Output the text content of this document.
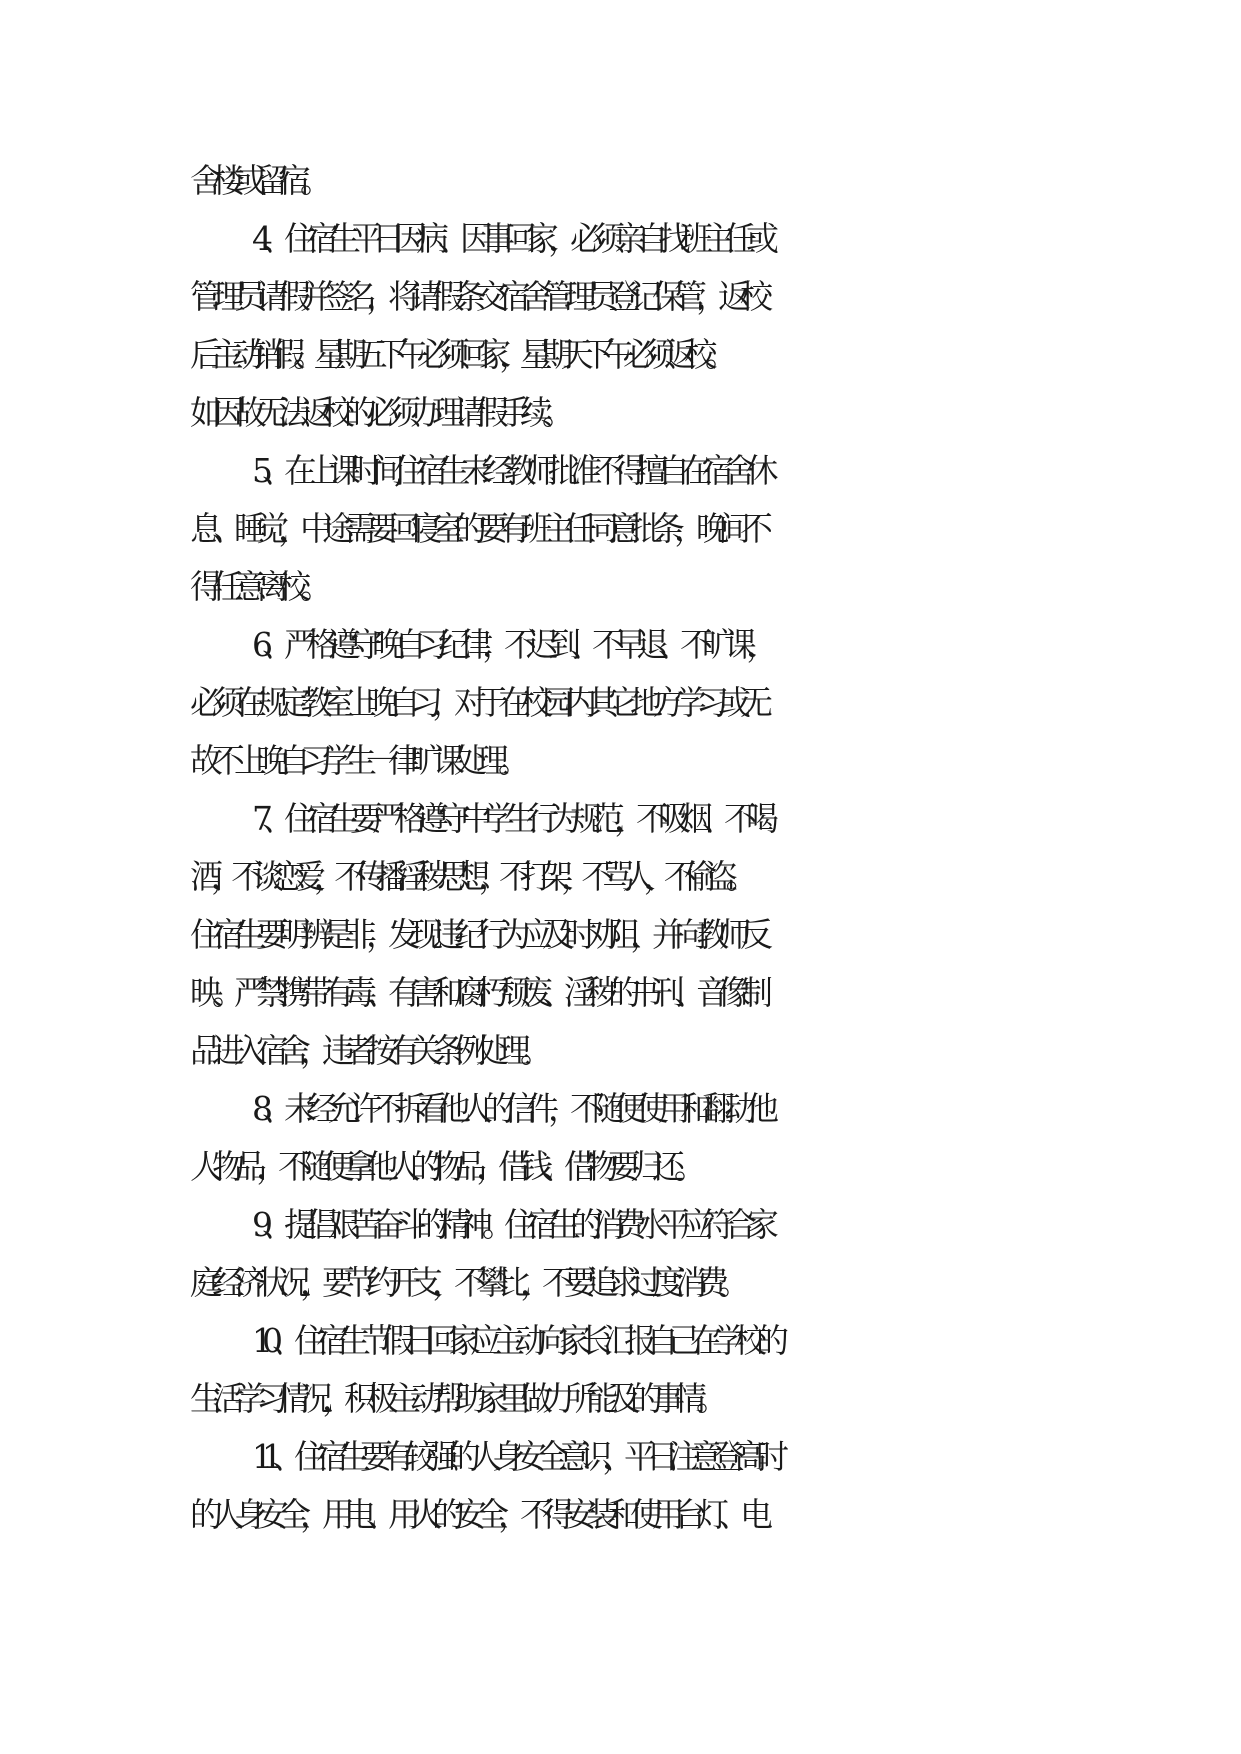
舍楼或留宿。
4、住宿生平日因病、因事回家，必须亲自找班主任或
管理员请假并签名，将请假条交宿舍管理员登记保管，返校
后主动销假。星期五下午必须回家，星期天下午必须返校。
如因故无法返校的必须办理请假手续。
5、在上课时间,住宿生未经教师批准不得擅自在宿舍休
息、睡觉，中途需要回寝室的要有班主任同意批条，晚间不
得任意离校。
6、严格遵守晚自习纪律，不迟到、不早退、不旷课，
必须在规定教室上晚自习，对于在校园内其它地方学习或无
故不上晚自习学生一律旷课处理。
7、住宿生要严格遵守中学生行为规范，不吸烟、不喝
酒，不谈恋爱，不传播淫秽思想，不打架，不骂人，不偷盗。
住宿生要明辨是非，发现违纪行为应及时劝阻，并向教师反
映。严禁携带有毒、有害和腐朽颓废、淫秽的书刊、音像制
品进入宿舍，违者按有关条例处理。
8、未经允许不拆看他人的信件，不随便使用和翻动他
人物品，不随便拿他人的物品，借钱、借物要归还。
9、提倡艰苦奋斗的精神。住宿生的消费水平应符合家
庭经济状况，要节约开支，不攀比，不要追求过度消费。
10、住宿生节假日回家应主动向家长汇报自己在学校的
生活学习情况，积极主动帮助家里做力所能及的事情。
11、住宿生要有较强的人身安全意识，平日注意登高时
的人身安全，用电、用火的安全，不得安装和使用台灯、电
